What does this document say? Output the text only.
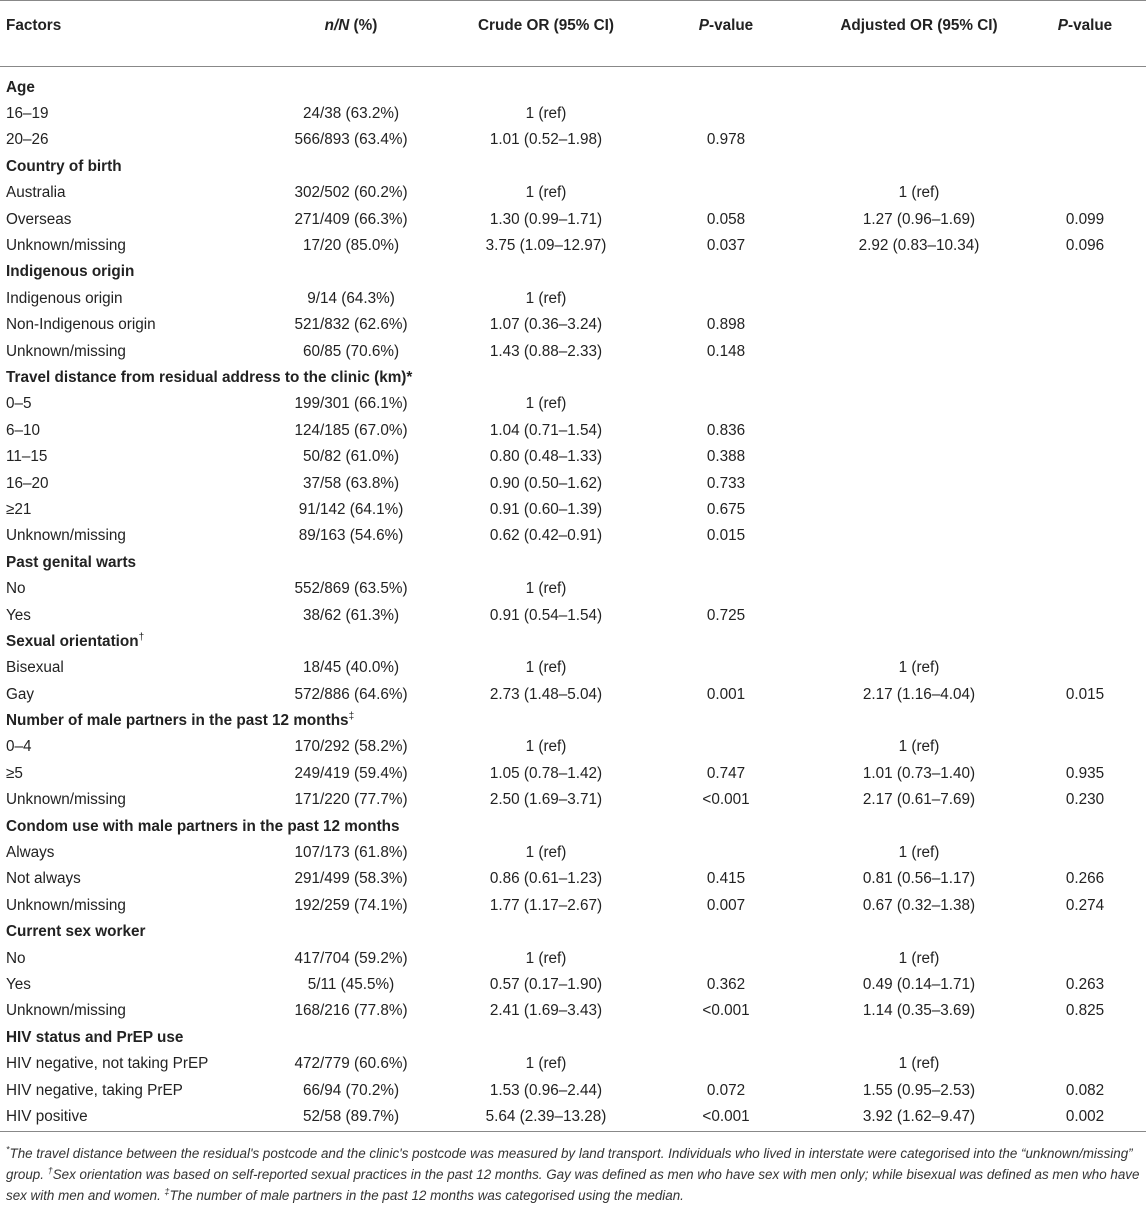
Factors	n/N (%)	Crude OR (95% CI)	P-value	Adjusted OR (95% CI)	P-value

Age					
16–19	24/38 (63.2%)	1 (ref)			
20–26	566/893 (63.4%)	1.01 (0.52–1.98)	0.978		
Country of birth					
Australia	302/502 (60.2%)	1 (ref)		1 (ref)	
Overseas	271/409 (66.3%)	1.30 (0.99–1.71)	0.058	1.27 (0.96–1.69)	0.099
Unknown/missing	17/20 (85.0%)	3.75 (1.09–12.97)	0.037	2.92 (0.83–10.34)	0.096
Indigenous origin					
Indigenous origin	9/14 (64.3%)	1 (ref)			
Non-Indigenous origin	521/832 (62.6%)	1.07 (0.36–3.24)	0.898		
Unknown/missing	60/85 (70.6%)	1.43 (0.88–2.33)	0.148		
Travel distance from residual address to the clinic (km)*					
0–5	199/301 (66.1%)	1 (ref)			
6–10	124/185 (67.0%)	1.04 (0.71–1.54)	0.836		
11–15	50/82 (61.0%)	0.80 (0.48–1.33)	0.388		
16–20	37/58 (63.8%)	0.90 (0.50–1.62)	0.733		
≥21	91/142 (64.1%)	0.91 (0.60–1.39)	0.675		
Unknown/missing	89/163 (54.6%)	0.62 (0.42–0.91)	0.015		
Past genital warts					
No	552/869 (63.5%)	1 (ref)			
Yes	38/62 (61.3%)	0.91 (0.54–1.54)	0.725		
Sexual orientation†
Bisexual	18/45 (40.0%)	1 (ref)		1 (ref)	
Gay	572/886 (64.6%)	2.73 (1.48–5.04)	0.001	2.17 (1.16–4.04)	0.015
Number of male partners in the past 12 months‡
0–4	170/292 (58.2%)	1 (ref)		1 (ref)	
≥5	249/419 (59.4%)	1.05 (0.78–1.42)	0.747	1.01 (0.73–1.40)	0.935
Unknown/missing	171/220 (77.7%)	2.50 (1.69–3.71)	<0.001	2.17 (0.61–7.69)	0.230
Condom use with male partners in the past 12 months					
Always	107/173 (61.8%)	1 (ref)		1 (ref)	
Not always	291/499 (58.3%)	0.86 (0.61–1.23)	0.415	0.81 (0.56–1.17)	0.266
Unknown/missing	192/259 (74.1%)	1.77 (1.17–2.67)	0.007	0.67 (0.32–1.38)	0.274
Current sex worker					
No	417/704 (59.2%)	1 (ref)		1 (ref)	
Yes	5/11 (45.5%)	0.57 (0.17–1.90)	0.362	0.49 (0.14–1.71)	0.263
Unknown/missing	168/216 (77.8%)	2.41 (1.69–3.43)	<0.001	1.14 (0.35–3.69)	0.825
HIV status and PrEP use					
HIV negative, not taking PrEP	472/779 (60.6%)	1 (ref)		1 (ref)	
HIV negative, taking PrEP	66/94 (70.2%)	1.53 (0.96–2.44)	0.072	1.55 (0.95–2.53)	0.082
HIV positive	52/58 (89.7%)	5.64 (2.39–13.28)	<0.001	3.92 (1.62–9.47)	0.002
*The travel distance between the residual's postcode and the clinic's postcode was measured by land transport. Individuals who lived in interstate were categorised into the “unknown/missing” group. †Sex orientation was based on self-reported sexual practices in the past 12 months. Gay was defined as men who have sex with men only; while bisexual was defined as men who have sex with men and women. ‡The number of male partners in the past 12 months was categorised using the median.
